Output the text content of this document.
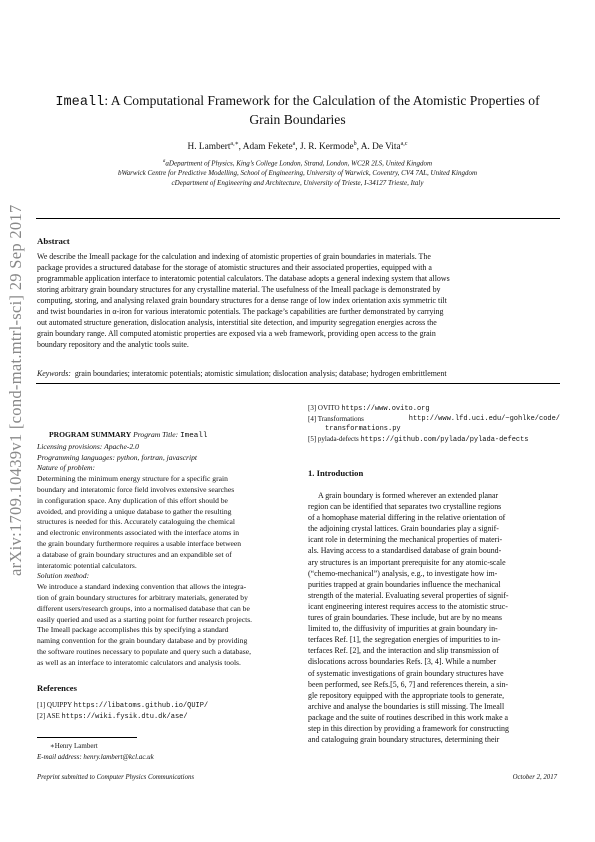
arXiv:1709.10439v1 [cond-mat.mtrl-sci] 29 Sep 2017
Imeall: A Computational Framework for the Calculation of the Atomistic Properties of
Grain Boundaries
H. Lambert$^{a,∗}$, Adam Fekete$^a$, J. R. Kermode$^b$, A. De Vita$^{a,c}$
$^a$aDepartment of Physics, King’s College London, Strand, London, WC2R 2LS, United Kingdom
bWarwick Centre for Predictive Modelling, School of Engineering, University of Warwick, Coventry, CV4 7AL, United Kingdom
cDepartment of Engineering and Architecture, University of Trieste, I-34127 Trieste, Italy
Abstract
We describe the Imeall package for the calculation and indexing of atomistic properties of grain boundaries in materials. The
package provides a structured database for the storage of atomistic structures and their associated properties, equipped with a
programmable application interface to interatomic potential calculators. The database adopts a general indexing system that allows
storing arbitrary grain boundary structures for any crystalline material. The usefulness of the Imeall package is demonstrated by
computing, storing, and analysing relaxed grain boundary structures for a dense range of low index orientation axis symmetric tilt
and twist boundaries in α-iron for various interatomic potentials. The package’s capabilities are further demonstrated by carrying
out automated structure generation, dislocation analysis, interstitial site detection, and impurity segregation energies across the
grain boundary range. All computed atomistic properties are exposed via a web framework, providing open access to the grain
boundary repository and the analytic tools suite.
Keywords: grain boundaries; interatomic potentials; atomistic simulation; dislocation analysis; database; hydrogen embrittlement
PROGRAM SUMMARY Program Title: Imeall
Licensing provisions: Apache-2.0
Programming languages: python, fortran, javascript
Nature of problem:
Determining the minimum energy structure for a specific grain
boundary and interatomic force field involves extensive searches
in configuration space. Any duplication of this effort should be
avoided, and providing a unique database to gather the resulting
structures is needed for this. Accurately cataloguing the chemical
and electronic environments associated with the interface atoms in
the grain boundary furthermore requires a usable interface between
a database of grain boundary structures and an expandible set of
interatomic potential calculators.
Solution method:
We introduce a standard indexing convention that allows the integra-
tion of grain boundary structures for arbitrary materials, generated by
different users/research groups, into a normalised database that can be
easily queried and used as a starting point for further research projects.
The Imeall package accomplishes this by specifying a standard
naming convention for the grain boundary database and by providing
the software routines necessary to populate and query such a database,
as well as an interface to interatomic calculators and analysis tools.
References
[1] QUIPPY https://libatoms.github.io/QUIP/
[2] ASE https://wiki.fysik.dtu.dk/ase/
∗Henry Lambert
E-mail address: henry.lambert@kcl.ac.uk
[3] OVITO https://www.ovito.org
[4] Transformations	http://www.lfd.uci.edu/~gohlke/code/
transformations.py
[5] pylada-defects https://github.com/pylada/pylada-defects
1. Introduction
A grain boundary is formed wherever an extended planar
region can be identified that separates two crystalline regions
of a homophase material differing in the relative orientation of
the adjoining crystal lattices. Grain boundaries play a signif-
icant role in determining the mechanical properties of materi-
als. Having access to a standardised database of grain bound-
ary structures is an important prerequisite for any atomic-scale
(“chemo-mechanical”) analysis, e.g., to investigate how im-
purities trapped at grain boundaries influence the mechanical
strength of the material. Evaluating several properties of signif-
icant engineering interest requires access to the atomistic struc-
tures of grain boundaries. These include, but are by no means
limited to, the diffusivity of impurities at grain boundary in-
terfaces Ref. [1], the segregation energies of impurities to in-
terfaces Ref. [2], and the interaction and slip transmission of
dislocations across boundaries Refs. [3, 4]. While a number
of systematic investigations of grain boundary structures have
been performed, see Refs.[5, 6, 7] and references therein, a sin-
gle repository equipped with the appropriate tools to generate,
archive and analyse the boundaries is still missing. The Imeall
package and the suite of routines described in this work make a
step in this direction by providing a framework for constructing
and cataloguing grain boundary structures, determining their
Preprint submitted to Computer Physics Communications	October 2, 2017
